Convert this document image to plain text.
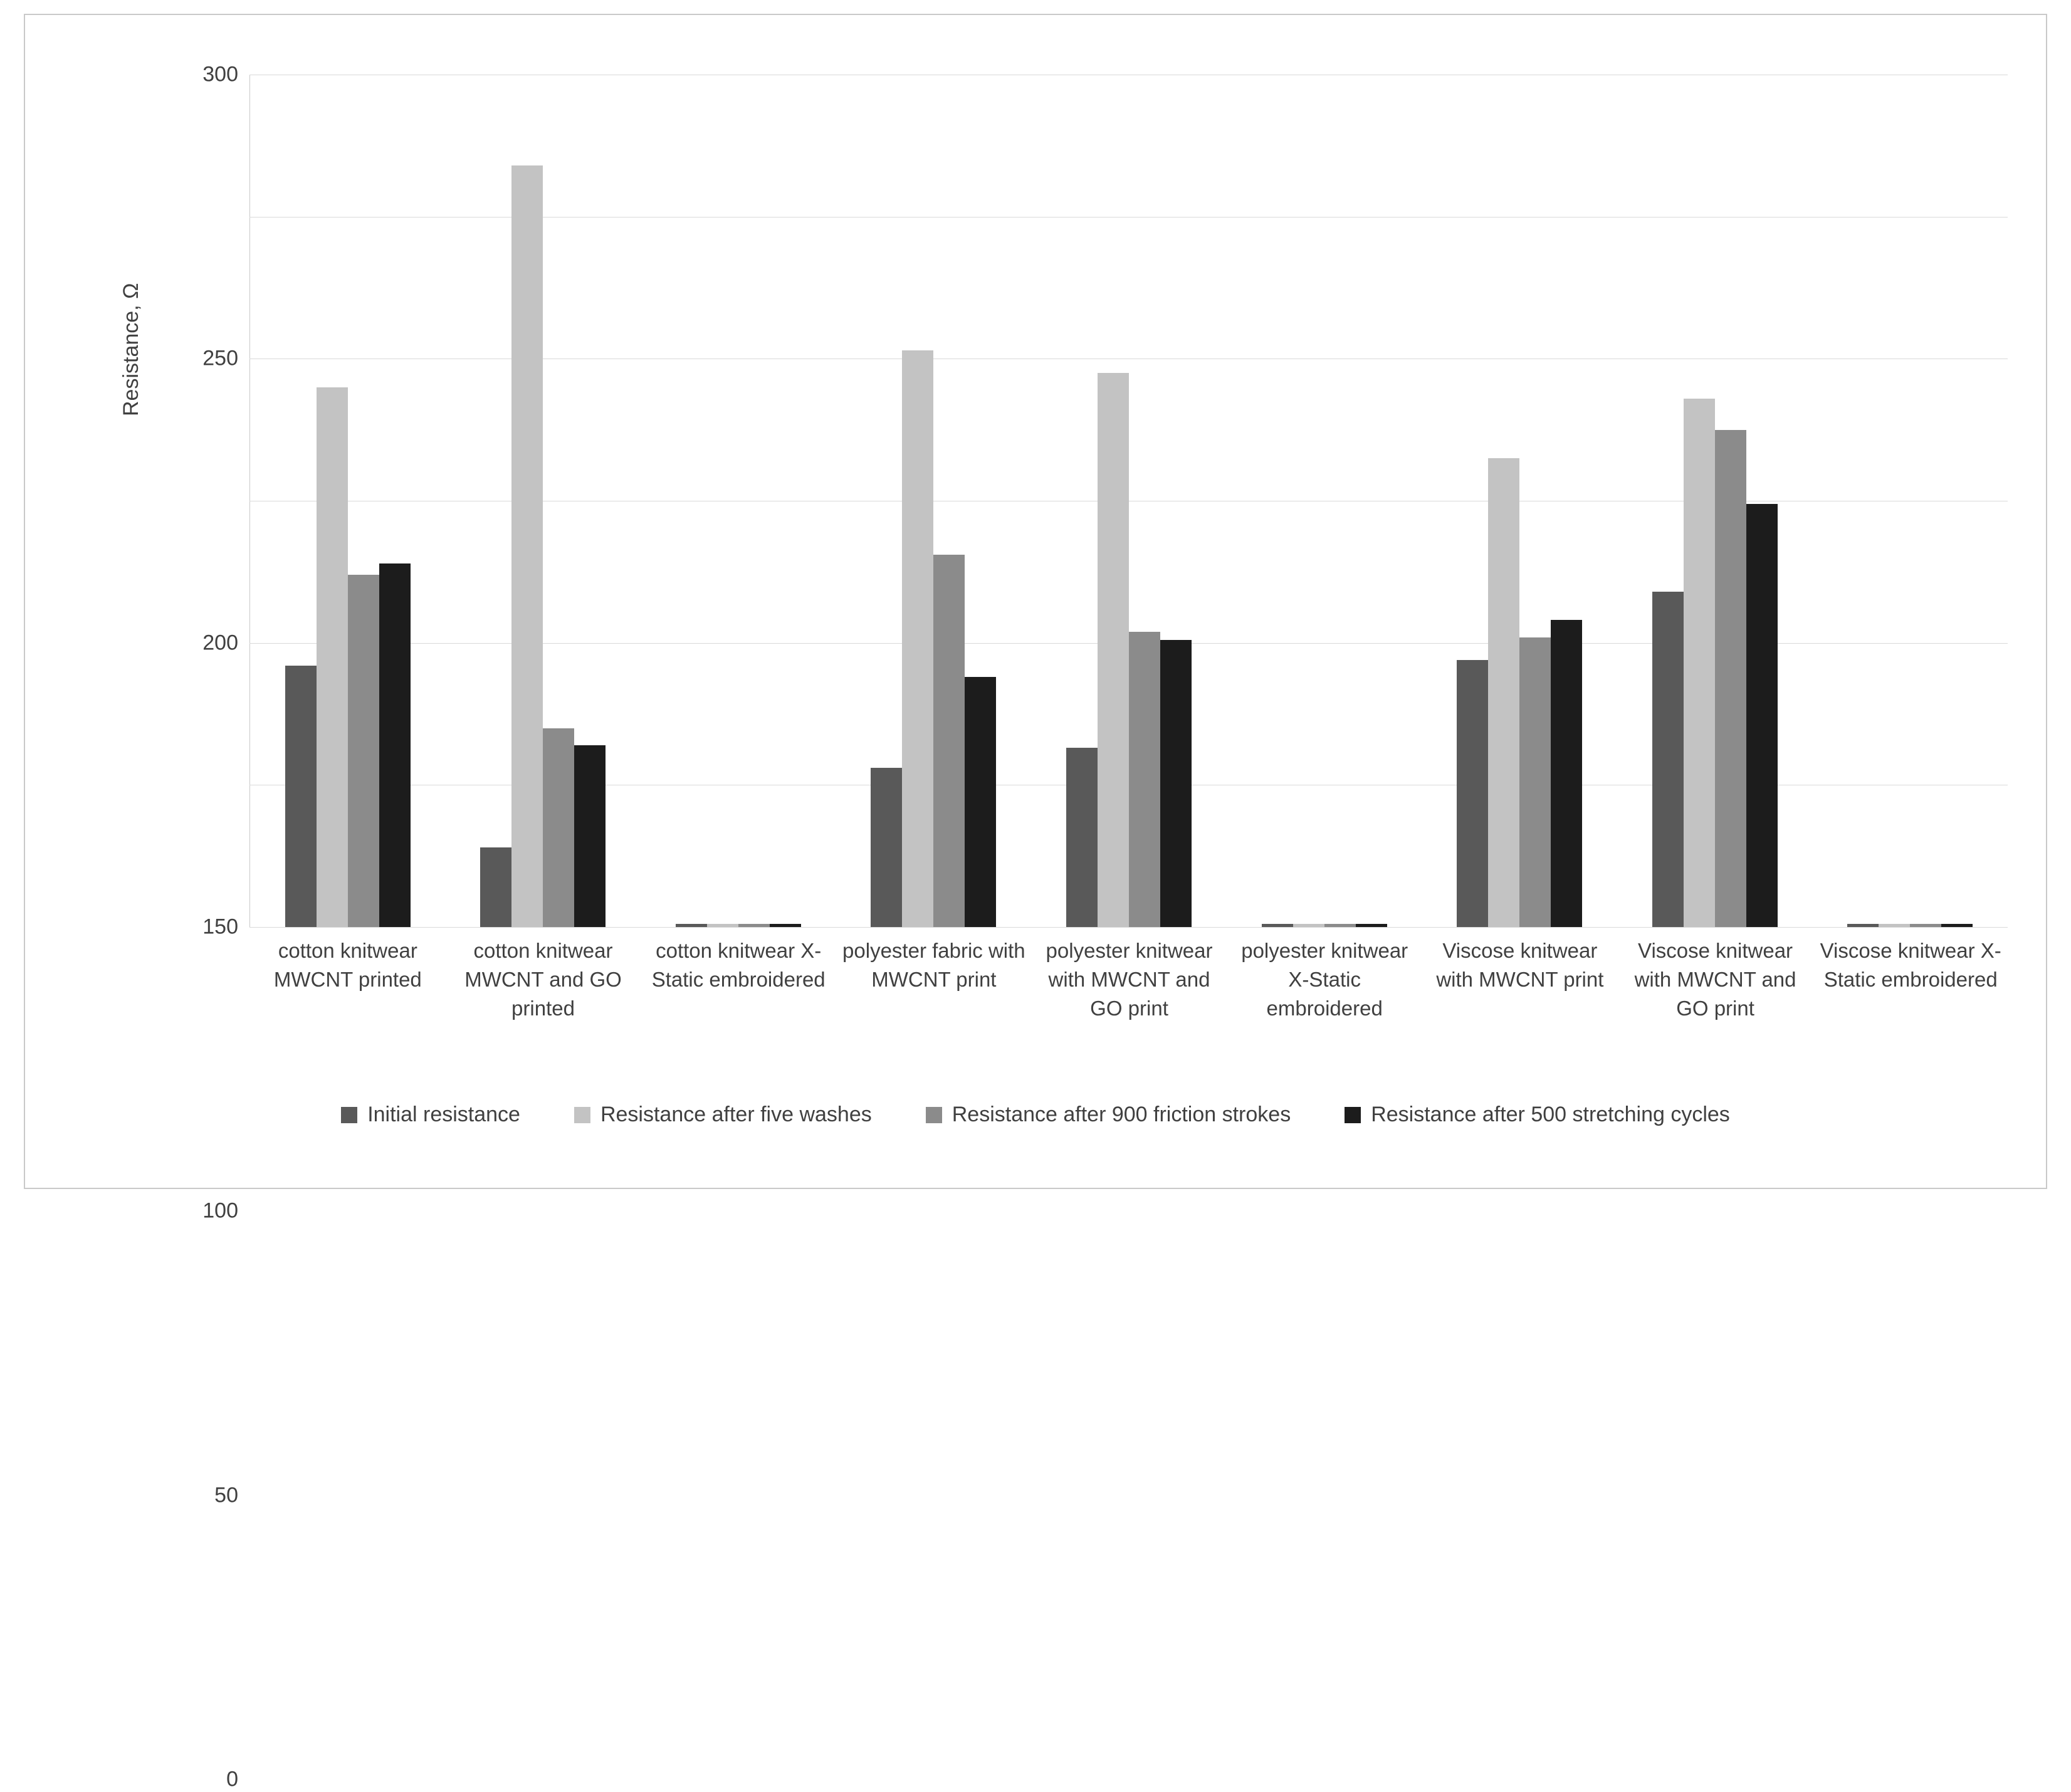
Resistance, Ω
0
50
100
150
200
250
300
cotton knitwear MWCNT printed
cotton knitwear MWCNT and GO printed
cotton knitwear X-Static embroidered
polyester fabric with MWCNT print
polyester knitwear with MWCNT and GO print
polyester knitwear X-Static embroidered
Viscose knitwear with MWCNT print
Viscose knitwear with MWCNT and GO print
Viscose knitwear X-Static embroidered
Initial resistance	Resistance after five washes	Resistance after 900 friction strokes	Resistance after 500 stretching cycles
